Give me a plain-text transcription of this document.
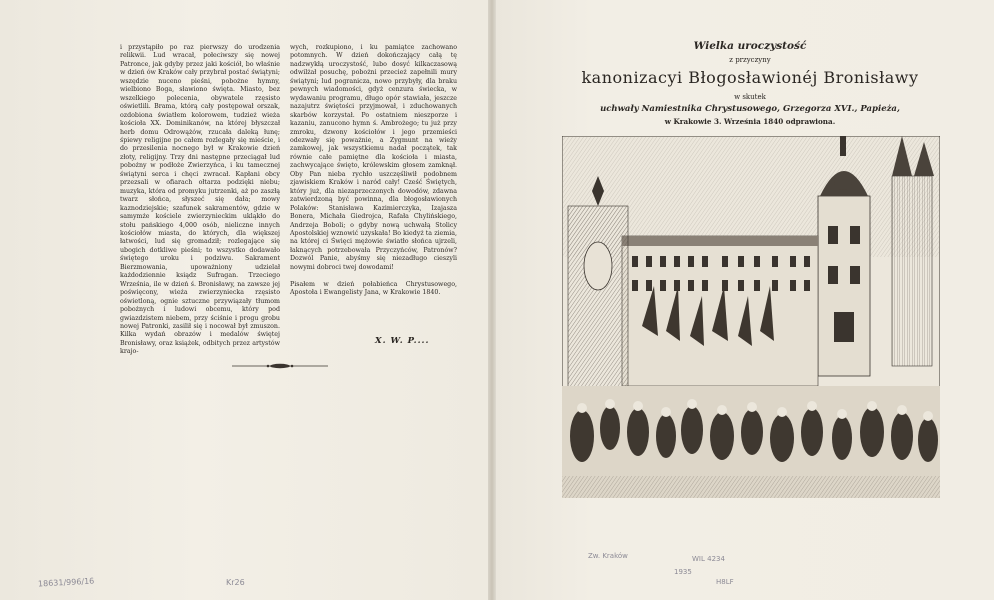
i przystąpiło po raz pierwszy do urodzenia relikwii. Lud wracał, połeciwszy się nowej Patronce, jak gdyby przez jaki kościół, bo właśnie w dzień ów Kraków cały przybrał postać świątyni; wszędzie nuceno pieśni, pobożne hymny, wielbiono Boga, sławiono święta. Miasto, bez wszelkiego polecenia, obywatele rzęsisto oświetlili. Brama, którą cały postępował orszak, ozdobiona światłem kolorowem, tudzież wieża kościoła XX. Dominikanów, na której błyszczał herb domu Odrowążów, rzucała daleką łunę; śpiewy religijne po całem rozlegały się mieście, i do przesilenia nocnego był w Krakowie dzień złoty, religijny. Trzy dni następne przeciągał lud pobożny w podłoże Zwierzyńca, i ku tamecznej świątyni serca i chęci zwracał. Kapłani obcy przezsali w ofiarach ołtarza podzięki niebu; muzyka, która od promyku jutrzenki, aż po zaszłą twarz słońca, słyszeć się dała; mowy kaznodziejskie; szafunek sakramentów, gdzie w samymże kościele zwierzynieckim ukląkło do stołu pańskiego 4,000 osób, nieliczne innych kościołów miasta, do których, dla większej łatwości, lud się gromadził; rozlegające się ubogich dotkliwe pieśni; to wszystko dodawało świętego uroku i podziwu. Sakrament Bierzmowania, upoważniony udzielał każdodziennie ksiądz Sufragan. Trzeciego Września, ile w dzień ś. Bronisławy, na zawsze jej poświęcony, wieża zwierzyniecka rzęsisto oświetloną, ognie sztuczne przywiązały tłumom pobożnych i ludowi obcemu, który pod gwiazdzistem niebem, przy ściśnie i progu grobu nowej Patronki, zasilił się i nocował był zmuszon. Kilka wydań obrazów i medalów świętej Bronisławy, oraz książek, odbitych przez artystów krajo-
wych, rozkupiono, i ku pamiątce zachowano potomnych. W dzień dokończający całą tę nadzwykłą uroczystość, lubo dosyć kilkaczasową odwilżał posuchę, pobożni przecież zapełnili mury świątyni; lud pogranicza, nowo przybyły, dla braku pewnych wiadomości, gdyż cenzura świecka, w wydawaniu programu, długo opór stawiała, jeszcze nazajutrz świętości przyjmował, i zduchowanych skarbów korzystał. Po ostatniem nieszporze i kazaniu, zanucono hymn ś. Ambrożego; tu już przy zmroku, dzwony kościołów i jego przemieści odezwały się poważnie, a Zygmunt na wieży zamkowej, jak wszystkiemu nadał początek, tak równie całe pamiętne dla kościoła i miasta, zachwycające święto, królewskim głosem zamknął. Oby Pan nieba rychło uszczęśliwił podobnem zjawiskiem Kraków i naród cały! Cześć Świętych, który już, dla niezaprzeczonych dowodów, zdawna zatwierdzoną być powinna, dla błogosławionych Polaków: Stanisława Kazimierczyka, Izajasza Bonera, Michała Giedrojca, Rafała Chylińskiego, Andrzeja Boboli; o gdyby nową uchwałą Stolicy Apostolskiej wznowić uzyskała! Bo kiedyż ta ziemia, na której ci Święci mężowie światło słońca ujrzeli, łaknących potrzebowała Przyczyńców, Patronów? Dozwól Panie, abyśmy się niezadługo cieszyli nowymi dobroci twej dowodami!

Pisałem w dzień połabieńca Chrystusowego, Apostoła i Ewangelisty Jana, w Krakowie 1840.
X. W. P....
18631/996/16	Kr26
Wielka uroczystość
z przyczyny
kanonizacyi Błogosławionéj Bronisławy
w skutek
uchwały Namiestnika Chrystusowego, Grzegorza XVI., Papieża,
w Krakowie 3. Września 1840 odprawiona.
Zw. Kraków	WIL 4234
1935
H8LF
